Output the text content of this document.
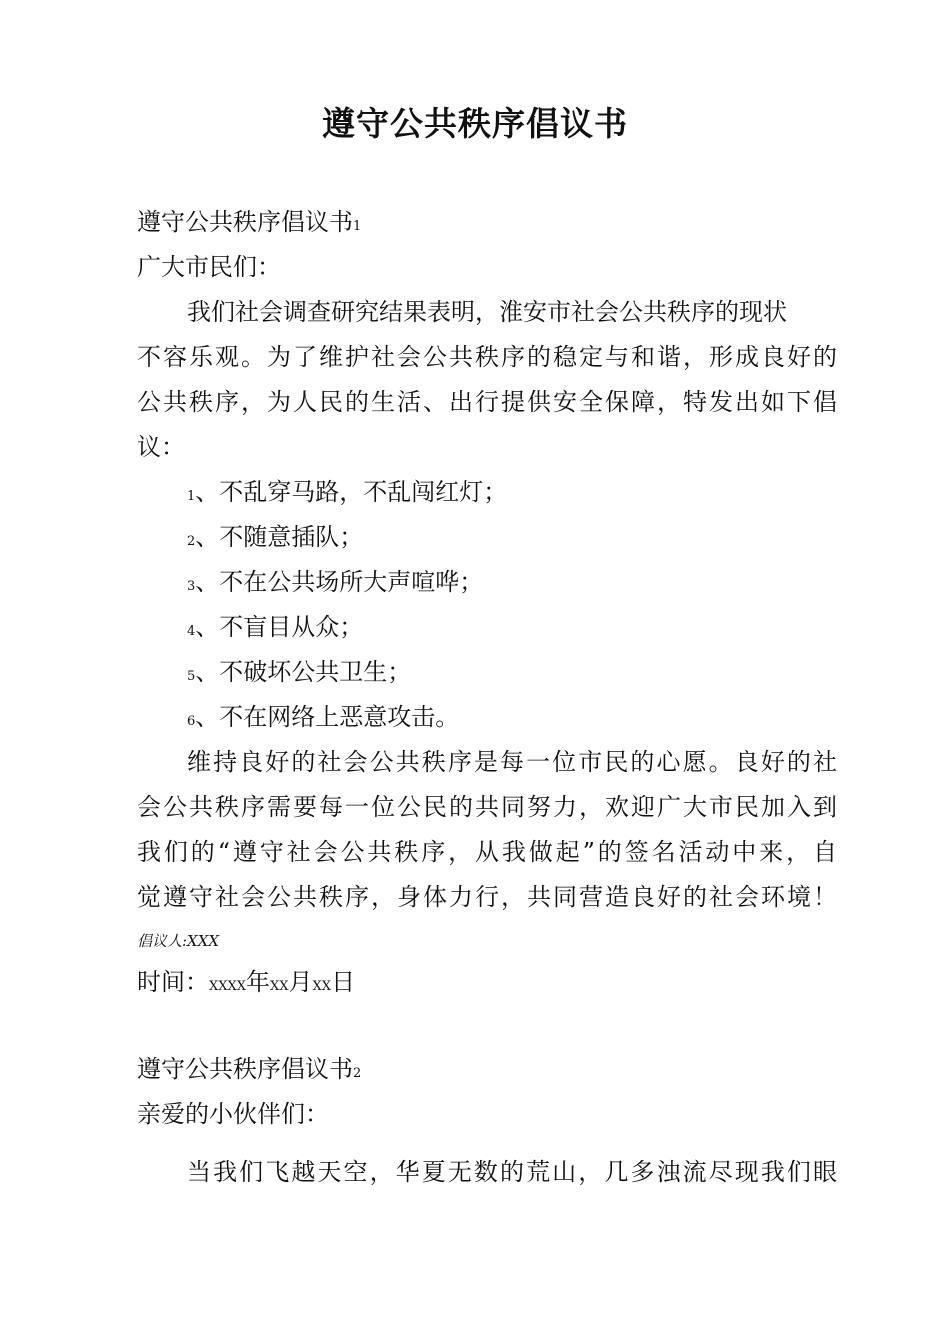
遵守公共秩序倡议书
遵守公共秩序倡议书1
广大市民们：
我们社会调查研究结果表明，淮安市社会公共秩序的现状
不容乐观。为了维护社会公共秩序的稳定与和谐，形成良好的
公共秩序，为人民的生活、出行提供安全保障，特发出如下倡
议：
1、不乱穿马路，不乱闯红灯；
2、不随意插队；
3、不在公共场所大声喧哗；
4、不盲目从众；
5、不破坏公共卫生；
6、不在网络上恶意攻击。
维持良好的社会公共秩序是每一位市民的心愿。良好的社
会公共秩序需要每一位公民的共同努力，欢迎广大市民加入到
我们的“遵守社会公共秩序，从我做起”的签名活动中来，自
觉遵守社会公共秩序，身体力行，共同营造良好的社会环境！
倡议人:XXX
时间：XXXX年XX月XX日
遵守公共秩序倡议书2
亲爱的小伙伴们：
当我们飞越天空，华夏无数的荒山，几多浊流尽现我们眼
